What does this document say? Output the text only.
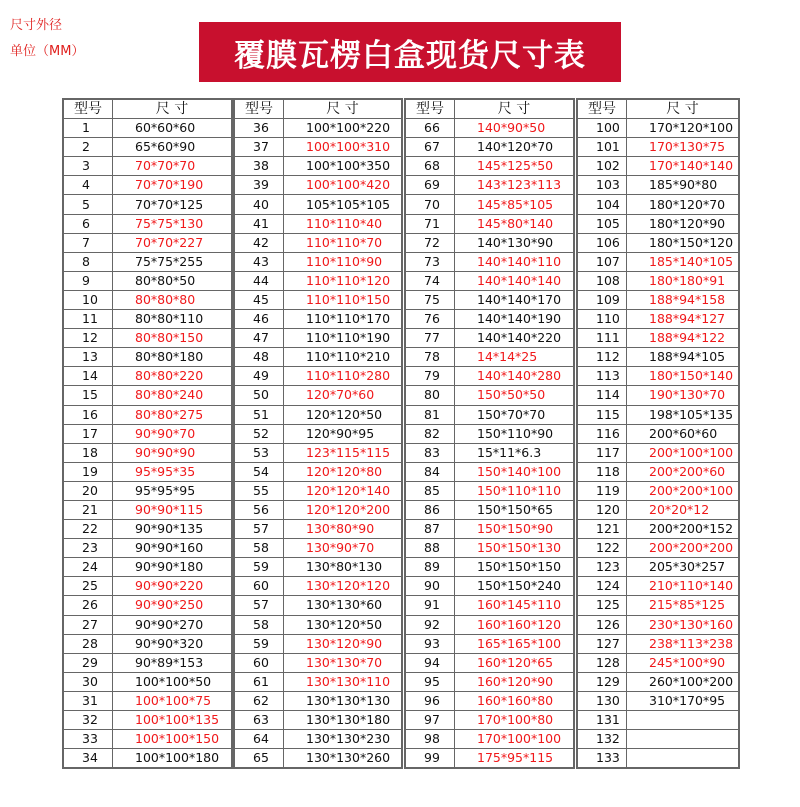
尺寸外径
单位（MM）	覆膜瓦楞白盒现货尺寸表
型号	尺 寸
1	60*60*60
2	65*60*90
3	70*70*70
4	70*70*190
5	70*70*125
6	75*75*130
7	70*70*227
8	75*75*255
9	80*80*50
10	80*80*80
11	80*80*110
12	80*80*150
13	80*80*180
14	80*80*220
15	80*80*240
16	80*80*275
17	90*90*70
18	90*90*90
19	95*95*35
20	95*95*95
21	90*90*115
22	90*90*135
23	90*90*160
24	90*90*180
25	90*90*220
26	90*90*250
27	90*90*270
28	90*90*320
29	90*89*153
30	100*100*50
31	100*100*75
32	100*100*135
33	100*100*150
34	100*100*180
型号	尺 寸
36	100*100*220
37	100*100*310
38	100*100*350
39	100*100*420
40	105*105*105
41	110*110*40
42	110*110*70
43	110*110*90
44	110*110*120
45	110*110*150
46	110*110*170
47	110*110*190
48	110*110*210
49	110*110*280
50	120*70*60
51	120*120*50
52	120*90*95
53	123*115*115
54	120*120*80
55	120*120*140
56	120*120*200
57	130*80*90
58	130*90*70
59	130*80*130
60	130*120*120
57	130*130*60
58	130*120*50
59	130*120*90
60	130*130*70
61	130*130*110
62	130*130*130
63	130*130*180
64	130*130*230
65	130*130*260
型号	尺 寸
66	140*90*50
67	140*120*70
68	145*125*50
69	143*123*113
70	145*85*105
71	145*80*140
72	140*130*90
73	140*140*110
74	140*140*140
75	140*140*170
76	140*140*190
77	140*140*220
78	14*14*25
79	140*140*280
80	150*50*50
81	150*70*70
82	150*110*90
83	15*11*6.3
84	150*140*100
85	150*110*110
86	150*150*65
87	150*150*90
88	150*150*130
89	150*150*150
90	150*150*240
91	160*145*110
92	160*160*120
93	165*165*100
94	160*120*65
95	160*120*90
96	160*160*80
97	170*100*80
98	170*100*100
99	175*95*115
型号	尺 寸
100	170*120*100
101	170*130*75
102	170*140*140
103	185*90*80
104	180*120*70
105	180*120*90
106	180*150*120
107	185*140*105
108	180*180*91
109	188*94*158
110	188*94*127
111	188*94*122
112	188*94*105
113	180*150*140
114	190*130*70
115	198*105*135
116	200*60*60
117	200*100*100
118	200*200*60
119	200*200*100
120	20*20*12
121	200*200*152
122	200*200*200
123	205*30*257
124	210*110*140
125	215*85*125
126	230*130*160
127	238*113*238
128	245*100*90
129	260*100*200
130	310*170*95
131	
132	
133	
